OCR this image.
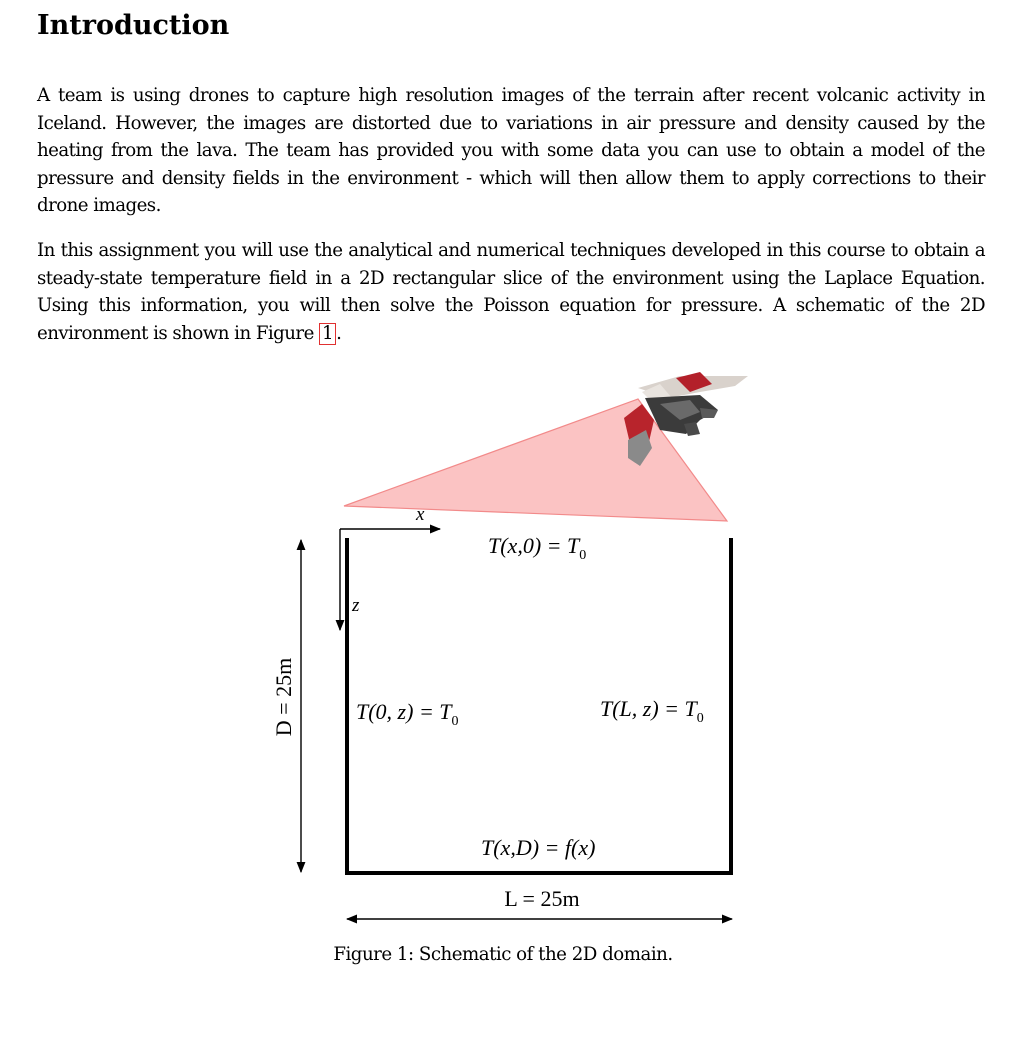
Introduction

A team is using drones to capture high resolution images of the terrain after recent volcanic activity in Iceland. However, the images are distorted due to variations in air pressure and density caused by the heating from the lava. The team has provided you with some data you can use to obtain a model of the pressure and density fields in the environment - which will then allow them to apply corrections to their drone images.

In this assignment you will use the analytical and numerical techniques developed in this course to obtain a steady-state temperature field in a 2D rectangular slice of the environment using the Laplace Equation. Using this information, you will then solve the Poisson equation for pressure. A schematic of the 2D environment is shown in Figure 1 .

x
z
$T(x,0) = T_0$
T(0, $z) = T_0$
T(L, $z) = T_0$
T(x,D) = f(x)
D = 25m
L = 25m

Figure 1: Schematic of the 2D domain.
